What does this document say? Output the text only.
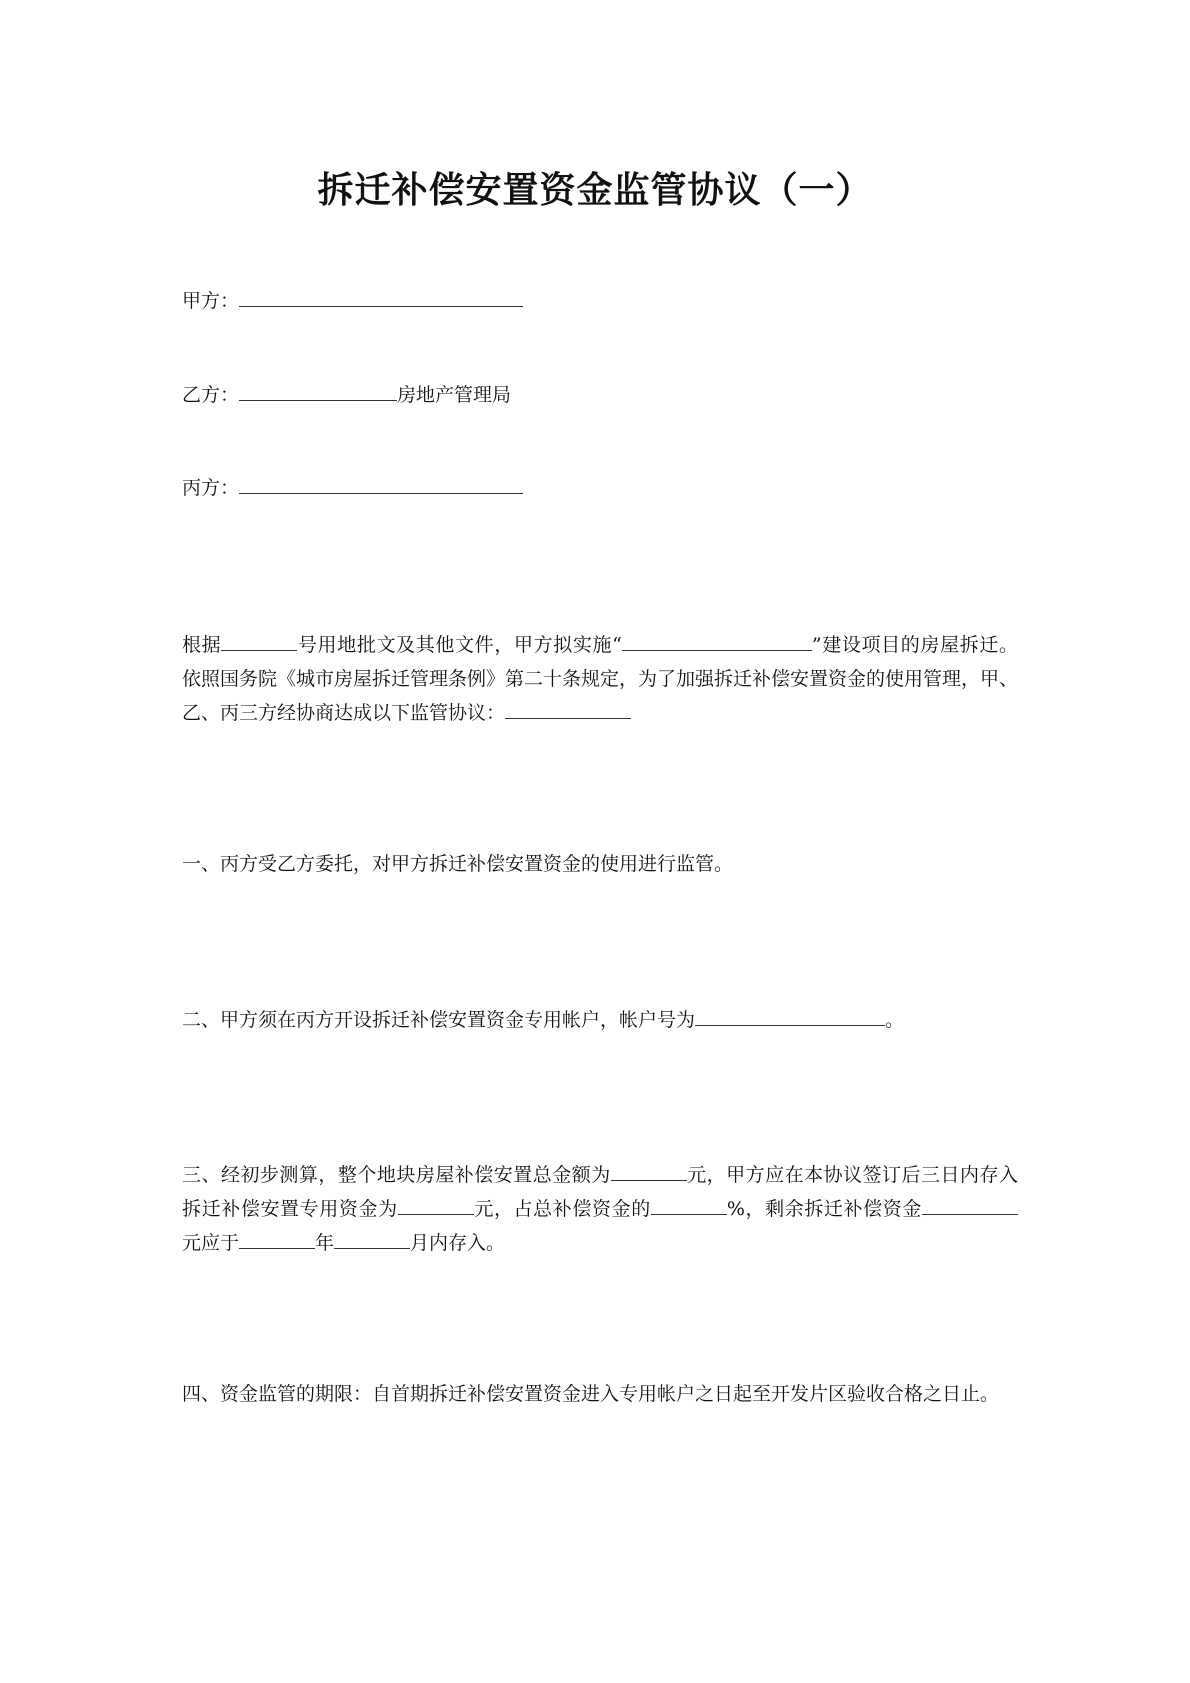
拆迁补偿安置资金监管协议（一）
甲方：
乙方：	房地产管理局
丙方：
根据	号用地批文及其他文件，甲方拟实施“	”建设项目的房屋拆迁。依照国务院《城市房屋拆迁管理条例》第二十条规定，为了加强拆迁补偿安置资金的使用管理，甲、乙、丙三方经协商达成以下监管协议：
一、丙方受乙方委托，对甲方拆迁补偿安置资金的使用进行监管。
二、甲方须在丙方开设拆迁补偿安置资金专用帐户，帐户号为	。
三、经初步测算，整个地块房屋补偿安置总金额为	元，甲方应在本协议签订后三日内存入拆迁补偿安置专用资金为	元，占总补偿资金的	%，剩余拆迁补偿资金元应于	年	月内存入。
四、资金监管的期限：自首期拆迁补偿安置资金进入专用帐户之日起至开发片区验收合格之日止。
